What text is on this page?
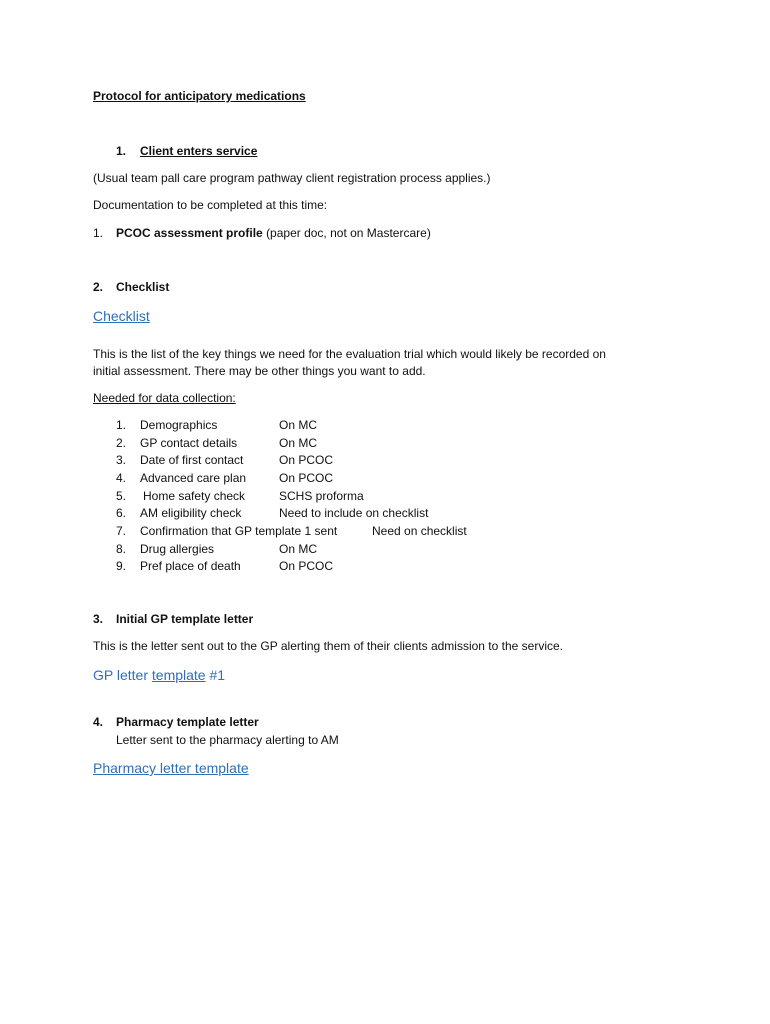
Protocol for anticipatory medications
1. Client enters service
(Usual team pall care program pathway client registration process applies.)
Documentation to be completed at this time:
1. PCOC assessment profile (paper doc, not on Mastercare)
2. Checklist
Checklist
This is the list of the key things we need for the evaluation trial which would likely be recorded on
initial assessment. There may be other things you want to add.
Needed for data collection:
1. Demographics	On MC
2. GP contact details	On MC
3. Date of first contact	On PCOC
4. Advanced care plan	On PCOC
5. Home safety check	SCHS proforma
6. AM eligibility check	Need to include on checklist
7. Confirmation that GP template 1 sent	Need on checklist
8. Drug allergies	On MC
9. Pref place of death	On PCOC
3. Initial GP template letter
This is the letter sent out to the GP alerting them of their clients admission to the service.
GP letter template #1
4. Pharmacy template letter
Letter sent to the pharmacy alerting to AM
Pharmacy letter template
